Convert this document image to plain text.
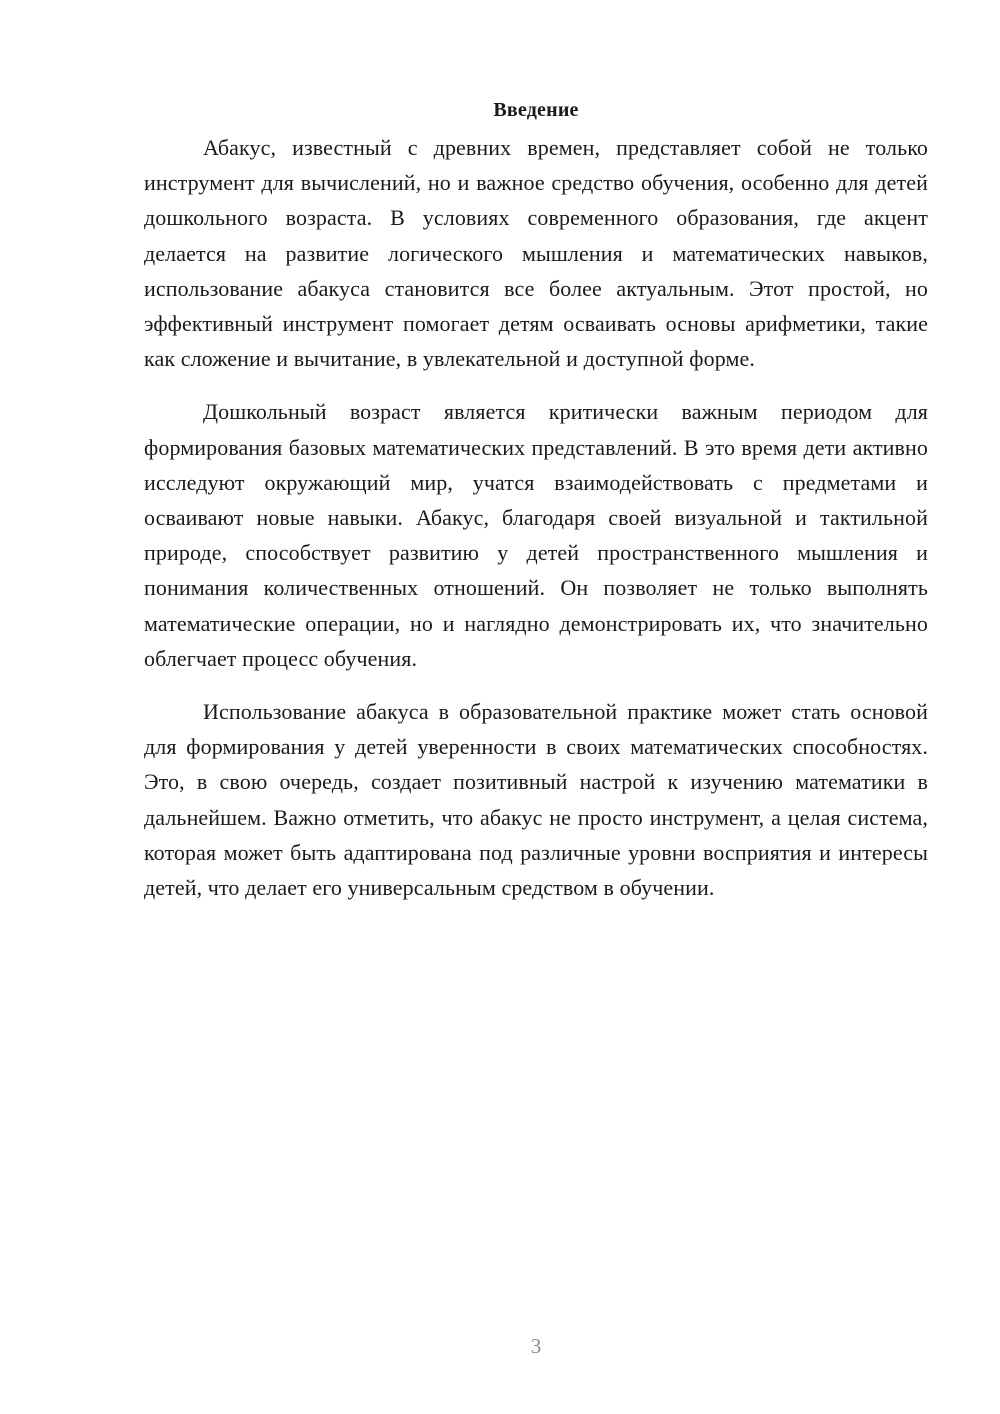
Введение

Абакус, известный с древних времен, представляет собой не только инструмент для вычислений, но и важное средство обучения, особенно для детей дошкольного возраста. В условиях современного образования, где акцент делается на развитие логического мышления и математических навыков, использование абакуса становится все более актуальным. Этот простой, но эффективный инструмент помогает детям осваивать основы арифметики, такие как сложение и вычитание, в увлекательной и доступной форме.

Дошкольный возраст является критически важным периодом для формирования базовых математических представлений. В это время дети активно исследуют окружающий мир, учатся взаимодействовать с предметами и осваивают новые навыки. Абакус, благодаря своей визуальной и тактильной природе, способствует развитию у детей пространственного мышления и понимания количественных отношений. Он позволяет не только выполнять математические операции, но и наглядно демонстрировать их, что значительно облегчает процесс обучения.

Использование абакуса в образовательной практике может стать основой для формирования у детей уверенности в своих математических способностях. Это, в свою очередь, создает позитивный настрой к изучению математики в дальнейшем. Важно отметить, что абакус не просто инструмент, а целая система, которая может быть адаптирована под различные уровни восприятия и интересы детей, что делает его универсальным средством в обучении.

3
